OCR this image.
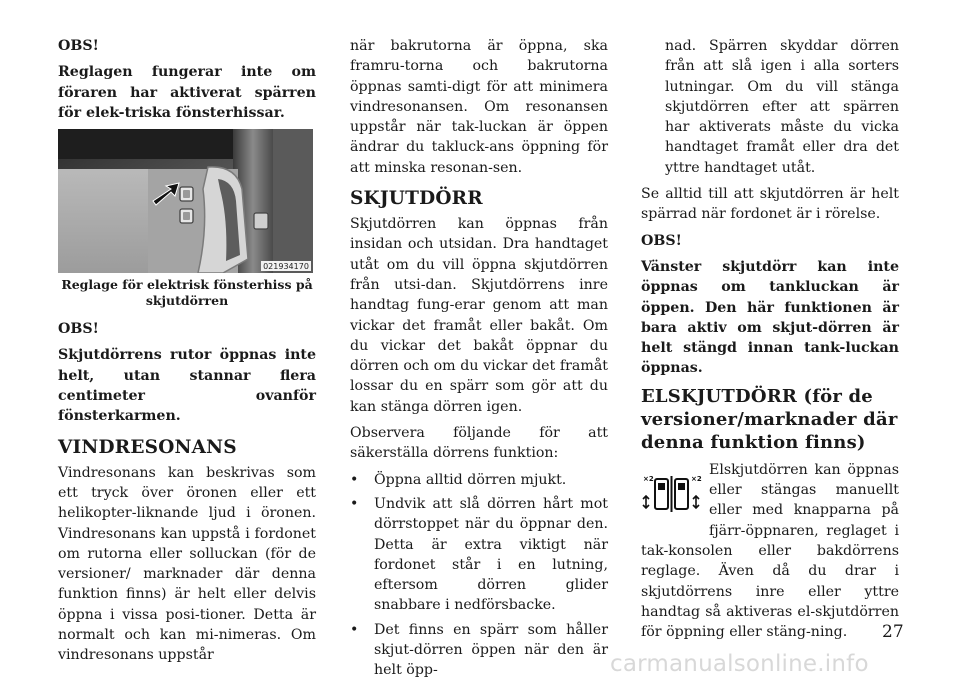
OBS!

Reglagen fungerar inte om föraren har aktiverat spärren för elek-triska fönsterhissar.

021934170
Reglage för elektrisk fönsterhiss på skjutdörren

OBS!

Skjutdörrens rutor öppnas inte helt, utan stannar flera centimeter ovanför fönsterkarmen.

VINDRESONANS

Vindresonans kan beskrivas som ett tryck över öronen eller ett helikopter-liknande ljud i öronen. Vindresonans kan uppstå i fordonet om rutorna eller solluckan (för de versioner/ marknader där denna funktion finns) är helt eller delvis öppna i vissa posi-tioner. Detta är normalt och kan mi-nimeras. Om vindresonans uppstår

när bakrutorna är öppna, ska framru-torna och bakrutorna öppnas samti-digt för att minimera vindresonansen. Om resonansen uppstår när tak-luckan är öppen ändrar du takluck-ans öppning för att minska resonan-sen.

SKJUTDÖRR

Skjutdörren kan öppnas från insidan och utsidan. Dra handtaget utåt om du vill öppna skjutdörren från utsi-dan. Skjutdörrens inre handtag fung-erar genom att man vickar det framåt eller bakåt. Om du vickar det bakåt öppnar du dörren och om du vickar det framåt lossar du en spärr som gör att du kan stänga dörren igen.

Observera följande för att säkerställa dörrens funktion:

•	Öppna alltid dörren mjukt.
•	Undvik att slå dörren hårt mot dörrstoppet när du öppnar den. Detta är extra viktigt när fordonet står i en lutning, eftersom dörren glider snabbare i nedförsbacke.
•	Det finns en spärr som håller skjut-dörren öppen när den är helt öpp-

nad. Spärren skyddar dörren från att slå igen i alla sorters lutningar. Om du vill stänga skjutdörren efter att spärren har aktiverats måste du vicka handtaget framåt eller dra det yttre handtaget utåt.

Se alltid till att skjutdörren är helt spärrad när fordonet är i rörelse.

OBS!

Vänster skjutdörr kan inte öppnas om tankluckan är öppen. Den här funktionen är bara aktiv om skjut-dörren är helt stängd innan tank-luckan öppnas.

ELSKJUTDÖRR (för de versioner/marknader där denna funktion finns)
×2	×2

Elskjutdörren kan öppnas eller stängas manuellt eller med knapparna på fjärr-öppnaren, reglaget i tak-konsolen eller bakdörrens reglage. Även då du drar i skjutdörrens inre eller yttre handtag så aktiveras el-skjutdörren för öppning eller stäng-ning.	27
carmanualsonline.info
